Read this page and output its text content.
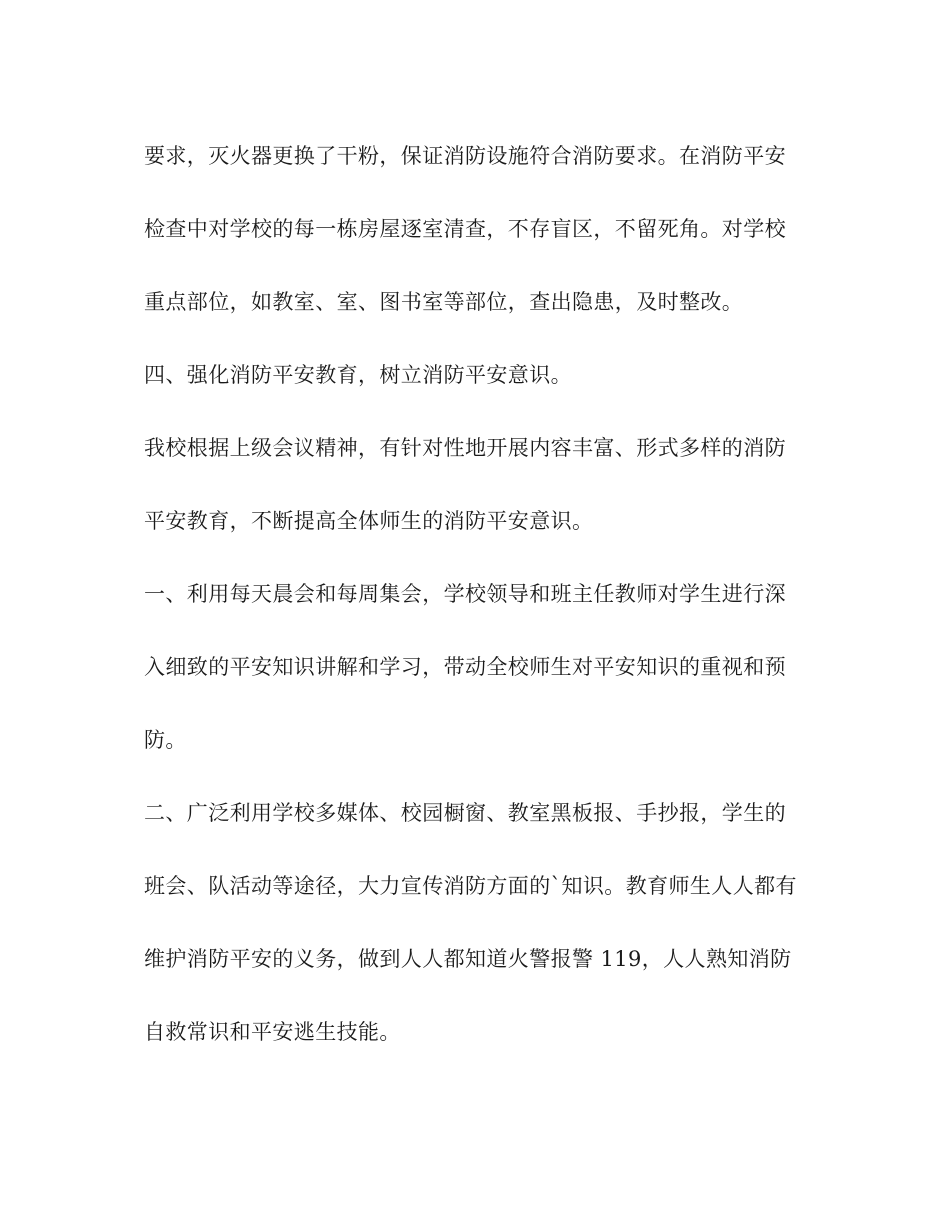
要求，灭火器更换了干粉，保证消防设施符合消防要求。在消防平安
检查中对学校的每一栋房屋逐室清查，不存盲区，不留死角。对学校
重点部位，如教室、室、图书室等部位，查出隐患，及时整改。
四、强化消防平安教育，树立消防平安意识。
我校根据上级会议精神，有针对性地开展内容丰富、形式多样的消防
平安教育，不断提高全体师生的消防平安意识。
一、利用每天晨会和每周集会，学校领导和班主任教师对学生进行深
入细致的平安知识讲解和学习，带动全校师生对平安知识的重视和预
防。
二、广泛利用学校多媒体、校园橱窗、教室黑板报、手抄报，学生的
班会、队活动等途径，大力宣传消防方面的`知识。教育师生人人都有
维护消防平安的义务，做到人人都知道火警报警 119，人人熟知消防
自救常识和平安逃生技能。
